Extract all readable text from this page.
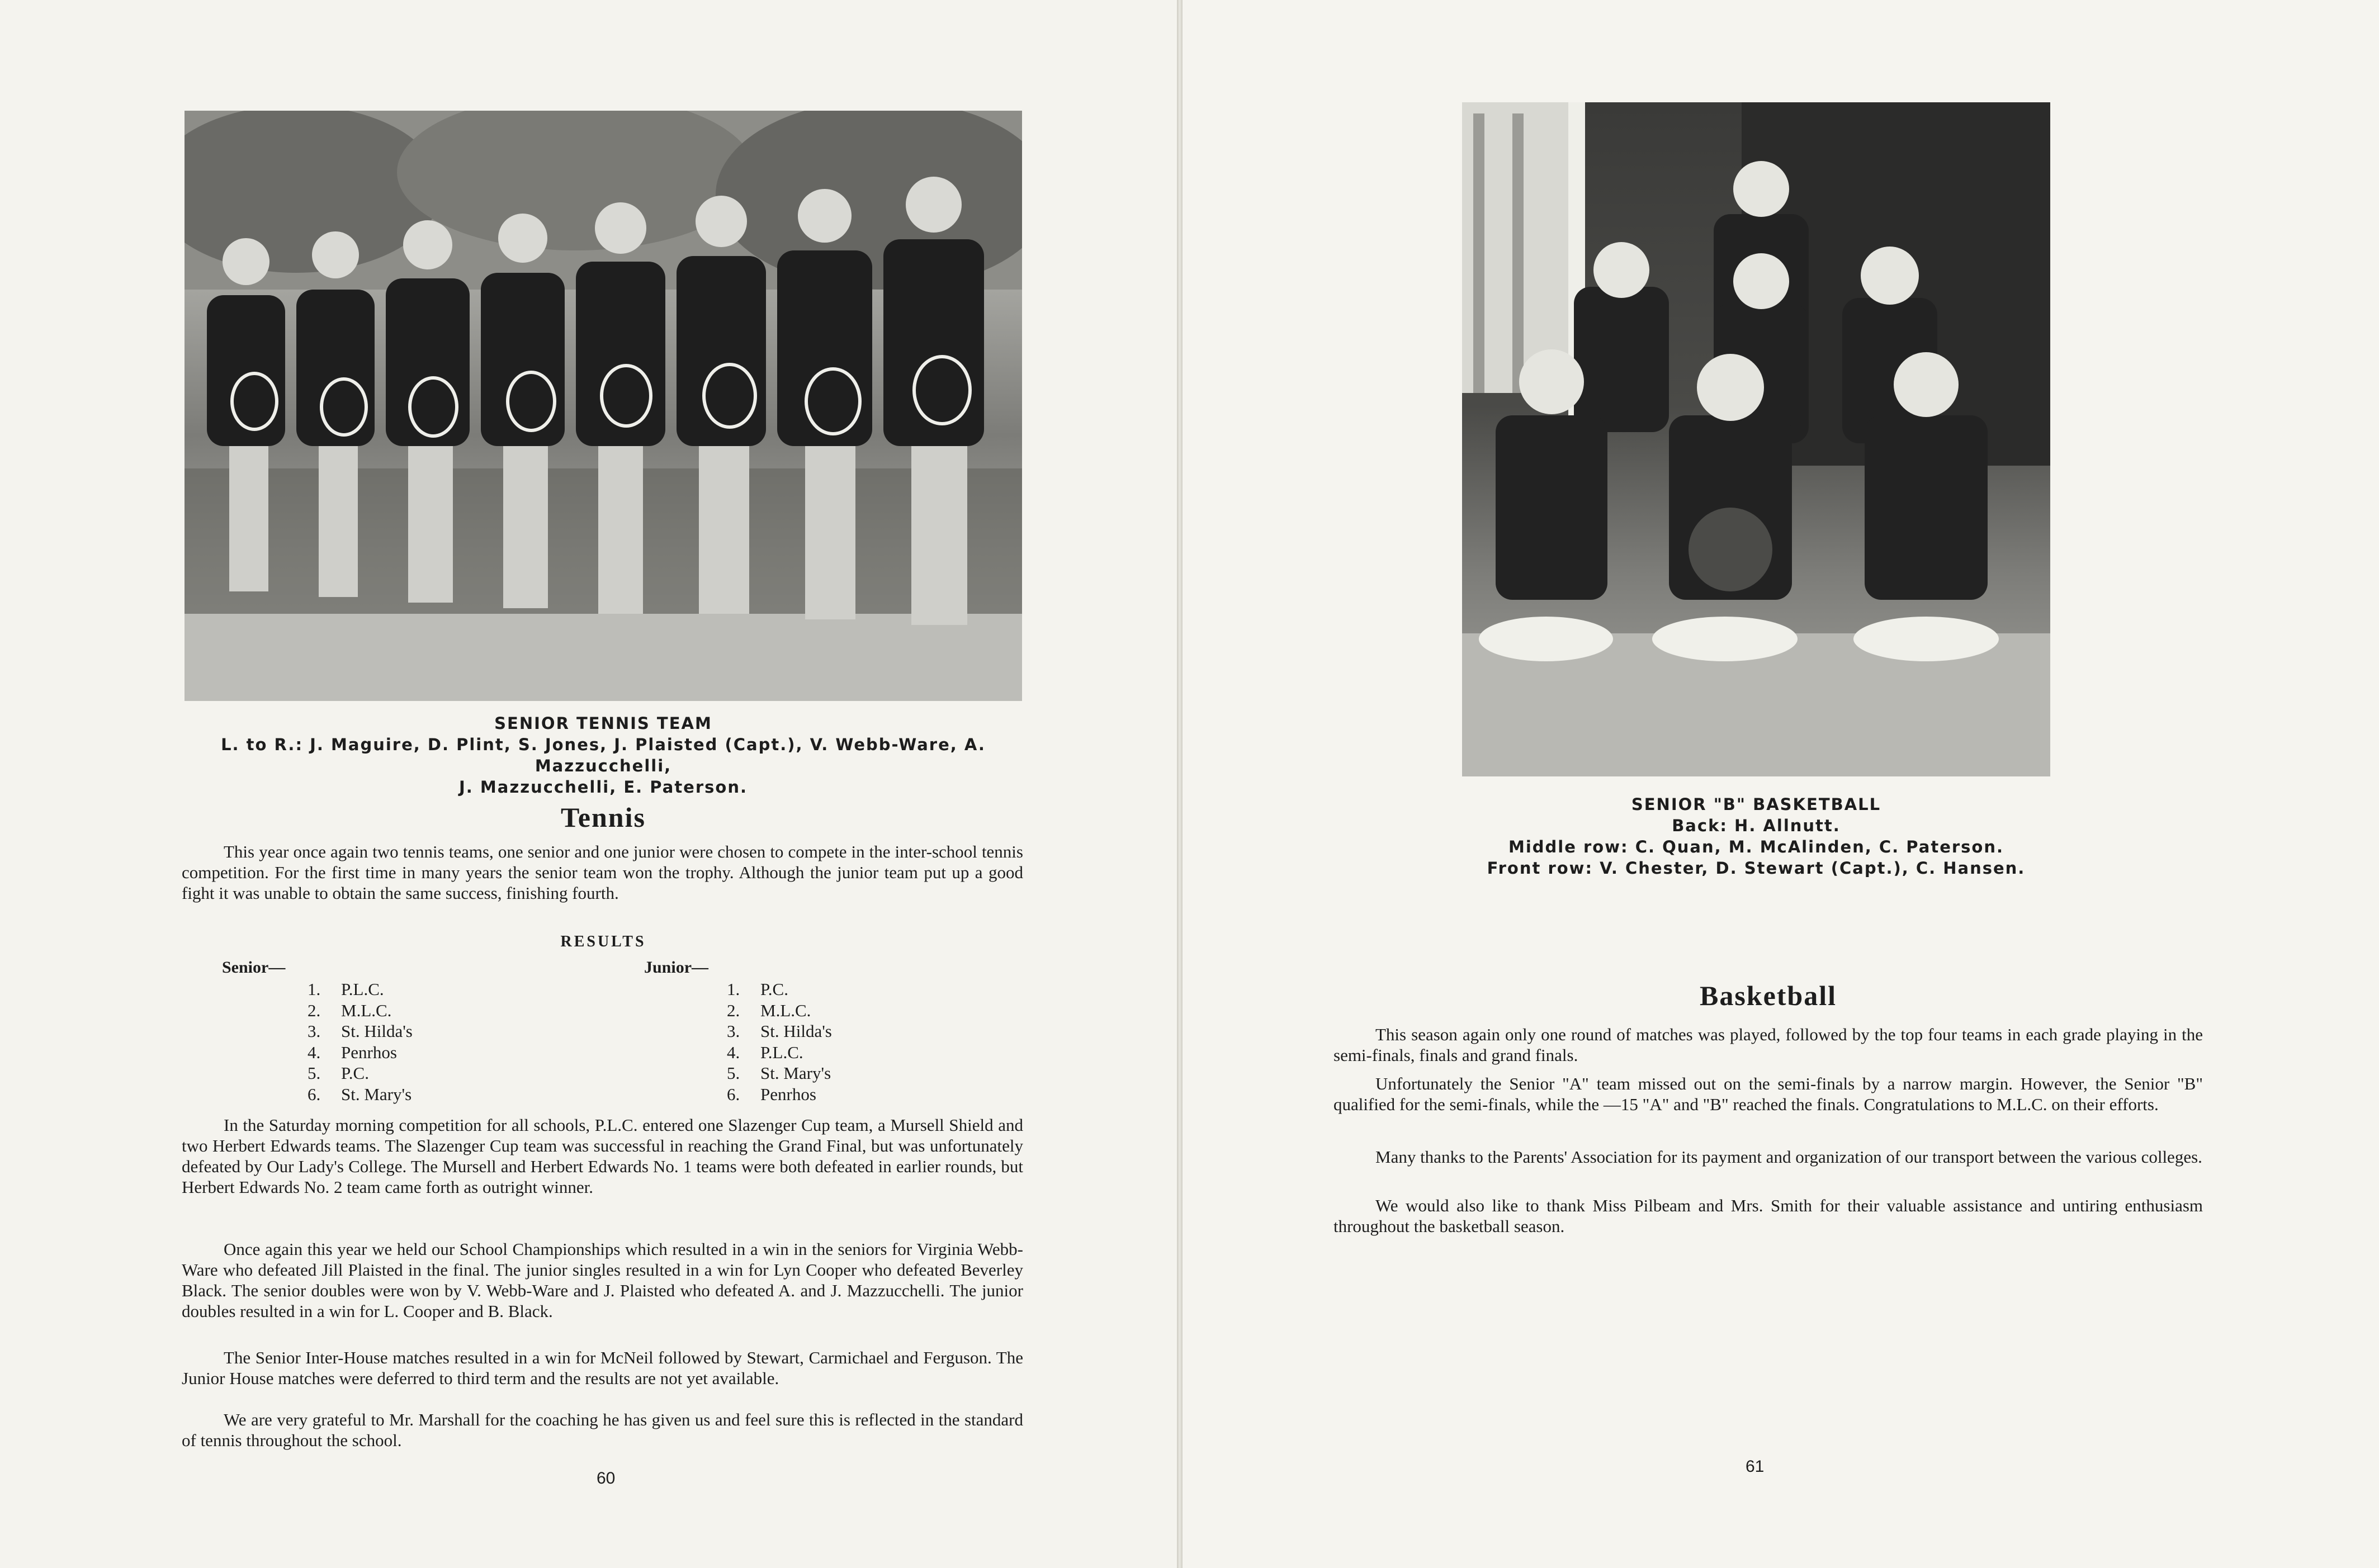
SENIOR TENNIS TEAM
L. to R.: J. Maguire, D. Plint, S. Jones, J. Plaisted (Capt.), V. Webb-Ware, A. Mazzucchelli,
J. Mazzucchelli, E. Paterson.
Tennis

This year once again two tennis teams, one senior and one junior were chosen to compete in the inter-school tennis competition. For the first time in many years the senior team won the trophy. Although the junior team put up a good fight it was unable to obtain the same success, finishing fourth.

RESULTS
Senior—	Junior—
1. P.L.C.
2. M.L.C.
3. St. Hilda's
4. Penrhos
5. P.C.
6. St. Mary's
1. P.C.
2. M.L.C.
3. St. Hilda's
4. P.L.C.
5. St. Mary's
6. Penrhos

In the Saturday morning competition for all schools, P.L.C. entered one Slazenger Cup team, a Mursell Shield and two Herbert Edwards teams. The Slazenger Cup team was successful in reaching the Grand Final, but was unfortunately defeated by Our Lady's College. The Mursell and Herbert Edwards No. 1 teams were both defeated in earlier rounds, but Herbert Edwards No. 2 team came forth as outright winner.

Once again this year we held our School Championships which resulted in a win in the seniors for Virginia Webb-Ware who defeated Jill Plaisted in the final. The junior singles resulted in a win for Lyn Cooper who defeated Beverley Black. The senior doubles were won by V. Webb-Ware and J. Plaisted who defeated A. and J. Mazzucchelli. The junior doubles resulted in a win for L. Cooper and B. Black.

The Senior Inter-House matches resulted in a win for McNeil followed by Stewart, Carmichael and Ferguson. The Junior House matches were deferred to third term and the results are not yet available.

We are very grateful to Mr. Marshall for the coaching he has given us and feel sure this is reflected in the standard of tennis throughout the school.

60
SENIOR "B" BASKETBALL
Back: H. Allnutt.
Middle row: C. Quan, M. McAlinden, C. Paterson.
Front row: V. Chester, D. Stewart (Capt.), C. Hansen.
Basketball

This season again only one round of matches was played, followed by the top four teams in each grade playing in the semi-finals, finals and grand finals.

Unfortunately the Senior "A" team missed out on the semi-finals by a narrow margin. However, the Senior "B" qualified for the semi-finals, while the —15 "A" and "B" reached the finals. Congratulations to M.L.C. on their efforts.

Many thanks to the Parents' Association for its payment and organization of our transport between the various colleges.

We would also like to thank Miss Pilbeam and Mrs. Smith for their valuable assistance and untiring enthusiasm throughout the basketball season.

61
